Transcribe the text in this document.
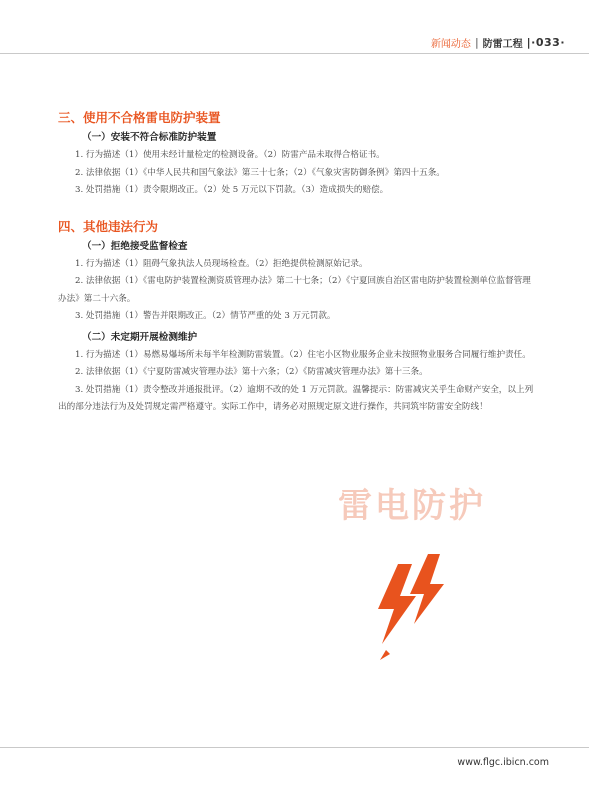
新闻动态 | 防雷工程 |·033·
三、使用不合格雷电防护装置
（一）安装不符合标准防护装置

1. 行为描述（1）使用未经计量检定的检测设备。（2）防雷产品未取得合格证书。

2. 法律依据（1）《中华人民共和国气象法》第三十七条；（2）《气象灾害防御条例》第四十五条。

3. 处罚措施（1）责令限期改正。（2）处 5 万元以下罚款。（3）造成损失的赔偿。

四、其他违法行为
（一）拒绝接受监督检查

1. 行为描述（1）阻碍气象执法人员现场检查。（2）拒绝提供检测原始记录。

2. 法律依据（1）《雷电防护装置检测资质管理办法》第二十七条；（2）《宁夏回族自治区雷电防护装置检测单位监督管理办法》第二十六条。

3. 处罚措施（1）警告并限期改正。（2）情节严重的处 3 万元罚款。

（二）未定期开展检测维护

1. 行为描述（1）易燃易爆场所未每半年检测防雷装置。（2）住宅小区物业服务企业未按照物业服务合同履行维护责任。

2. 法律依据（1）《宁夏防雷减灾管理办法》第十六条；（2）《防雷减灾管理办法》第十三条。

3. 处罚措施（1）责令整改并通报批评。（2）逾期不改的处 1 万元罚款。温馨提示：防雷减灾关乎生命财产安全，以上列出的部分违法行为及处罚规定需严格遵守。实际工作中，请务必对照规定原文进行操作，共同筑牢防雷安全防线！

雷电防护
www.flgc.ibicn.com
